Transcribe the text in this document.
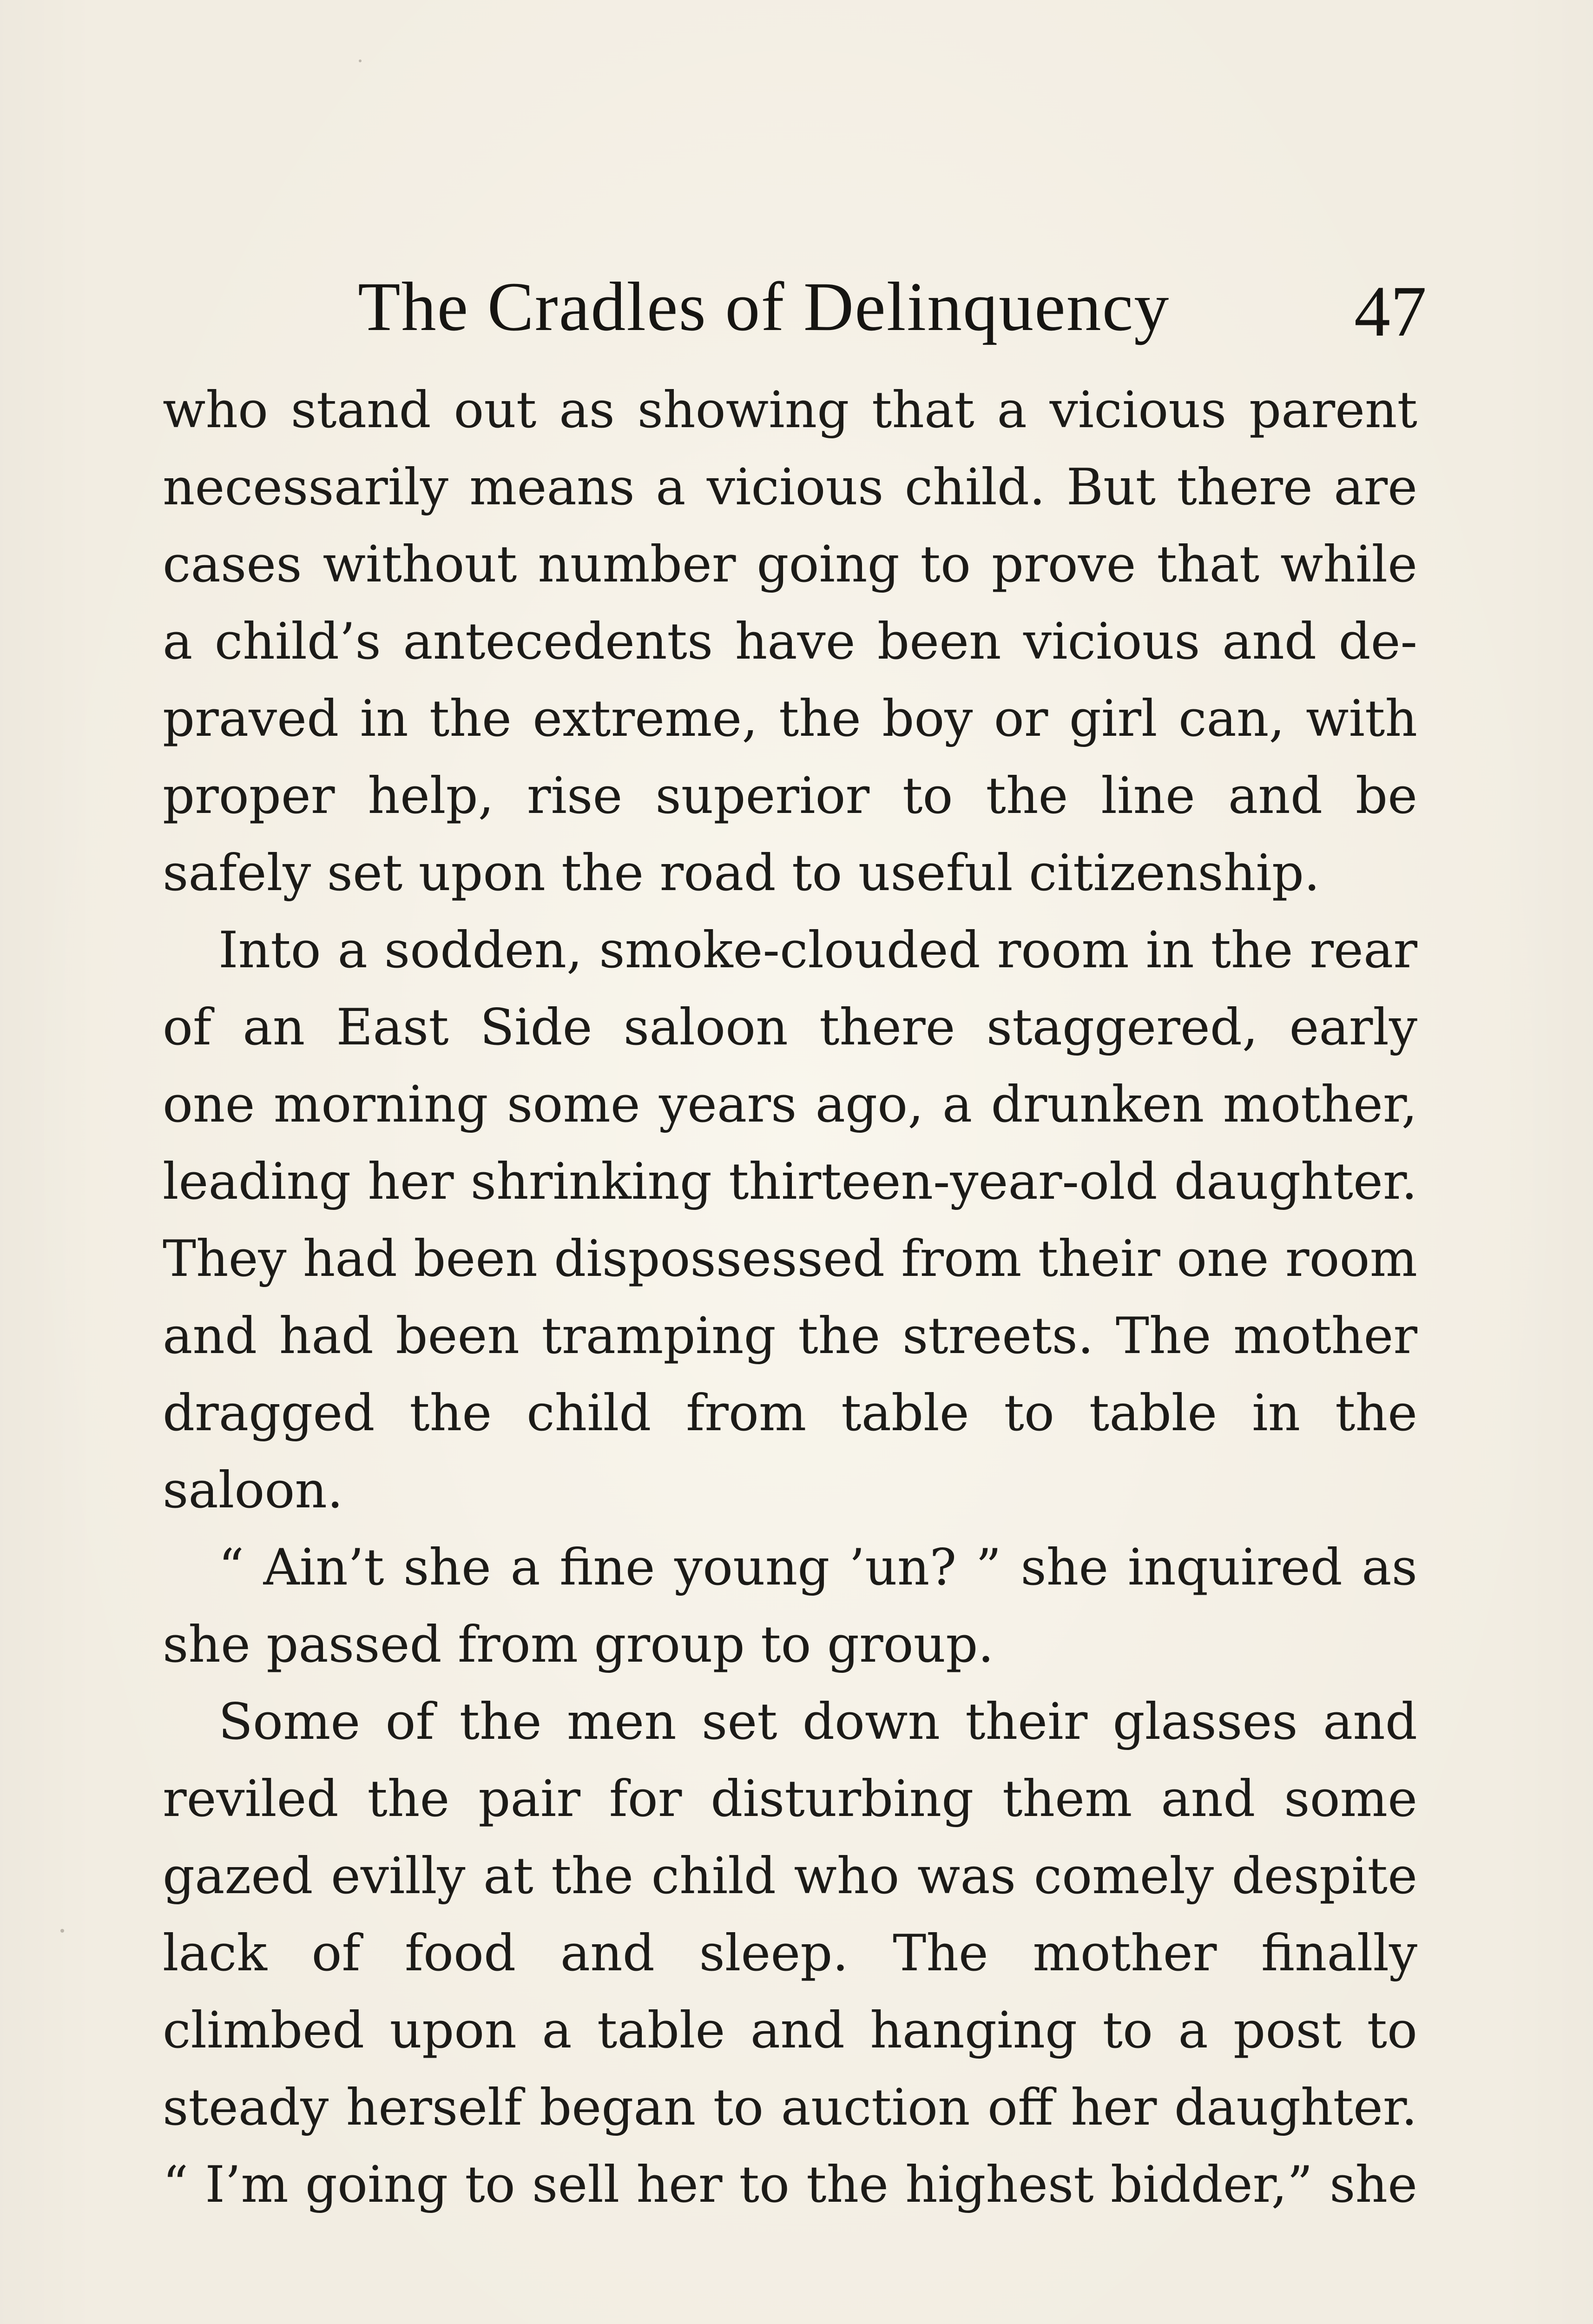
The Cradles of Delinquency	47
who stand out as showing that a vicious parent
necessarily means a vicious child. But there are
cases without number going to prove that while
a child’s antecedents have been vicious and de-
praved in the extreme, the boy or girl can, with
proper help, rise superior to the line and be
safely set upon the road to useful citizenship.
Into a sodden, smoke-clouded room in the rear
of an East Side saloon there staggered, early
one morning some years ago, a drunken mother,
leading her shrinking thirteen-year-old daughter.
They had been dispossessed from their one room
and had been tramping the streets. The mother
dragged the child from table to table in the
saloon.
“ Ain’t she a fine young ’un? ” she inquired as
she passed from group to group.
Some of the men set down their glasses and
reviled the pair for disturbing them and some
gazed evilly at the child who was comely despite
lack of food and sleep. The mother finally
climbed upon a table and hanging to a post to
steady herself began to auction off her daughter.
“ I’m going to sell her to the highest bidder,” she
